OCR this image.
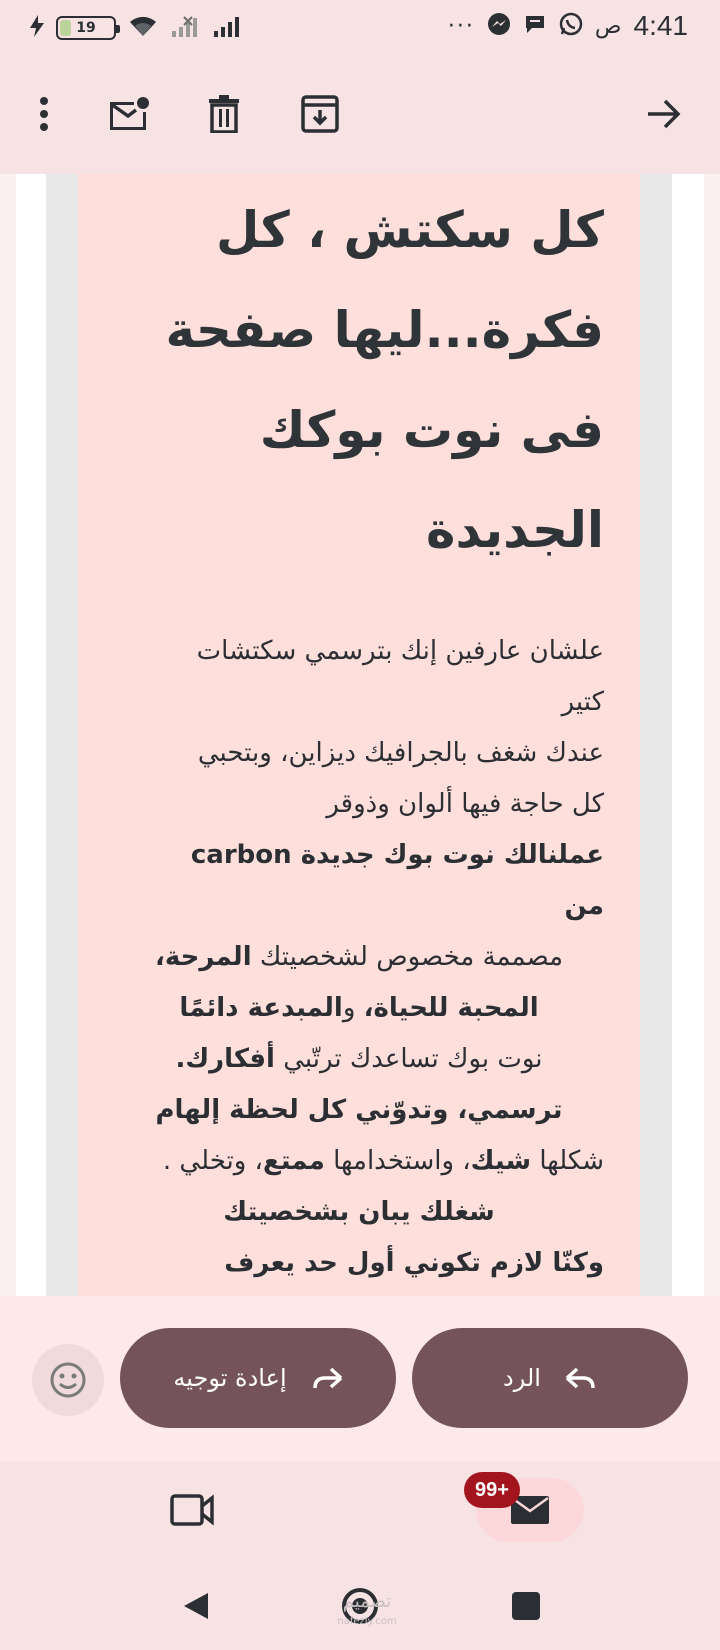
19	···	ص 4:41
كل سكتش ، كل
فكرة...ليها صفحة
فى نوت بوكك
الجديدة
علشان عارفين إنك بترسمي سكتشات
كتير
عندك شغف بالجرافيك ديزاين، وبتحبي
كل حاجة فيها ألوان وذوقر
عملنالك نوت بوك جديدة carbon
من
مصممة مخصوص لشخصيتك المرحة،
المحبة للحياة، والمبدعة دائمًا
نوت بوك تساعدك ترتّبي أفكارك.
ترسمي، وتدوّني كل لحظة إلهام
شكلها شيك، واستخدامها ممتع، وتخلي .
شغلك يبان بشخصيتك
وكنّا لازم تكوني أول حد يعرف
إعادة توجيه	الرد
99+
تصميم
nafezly.com
